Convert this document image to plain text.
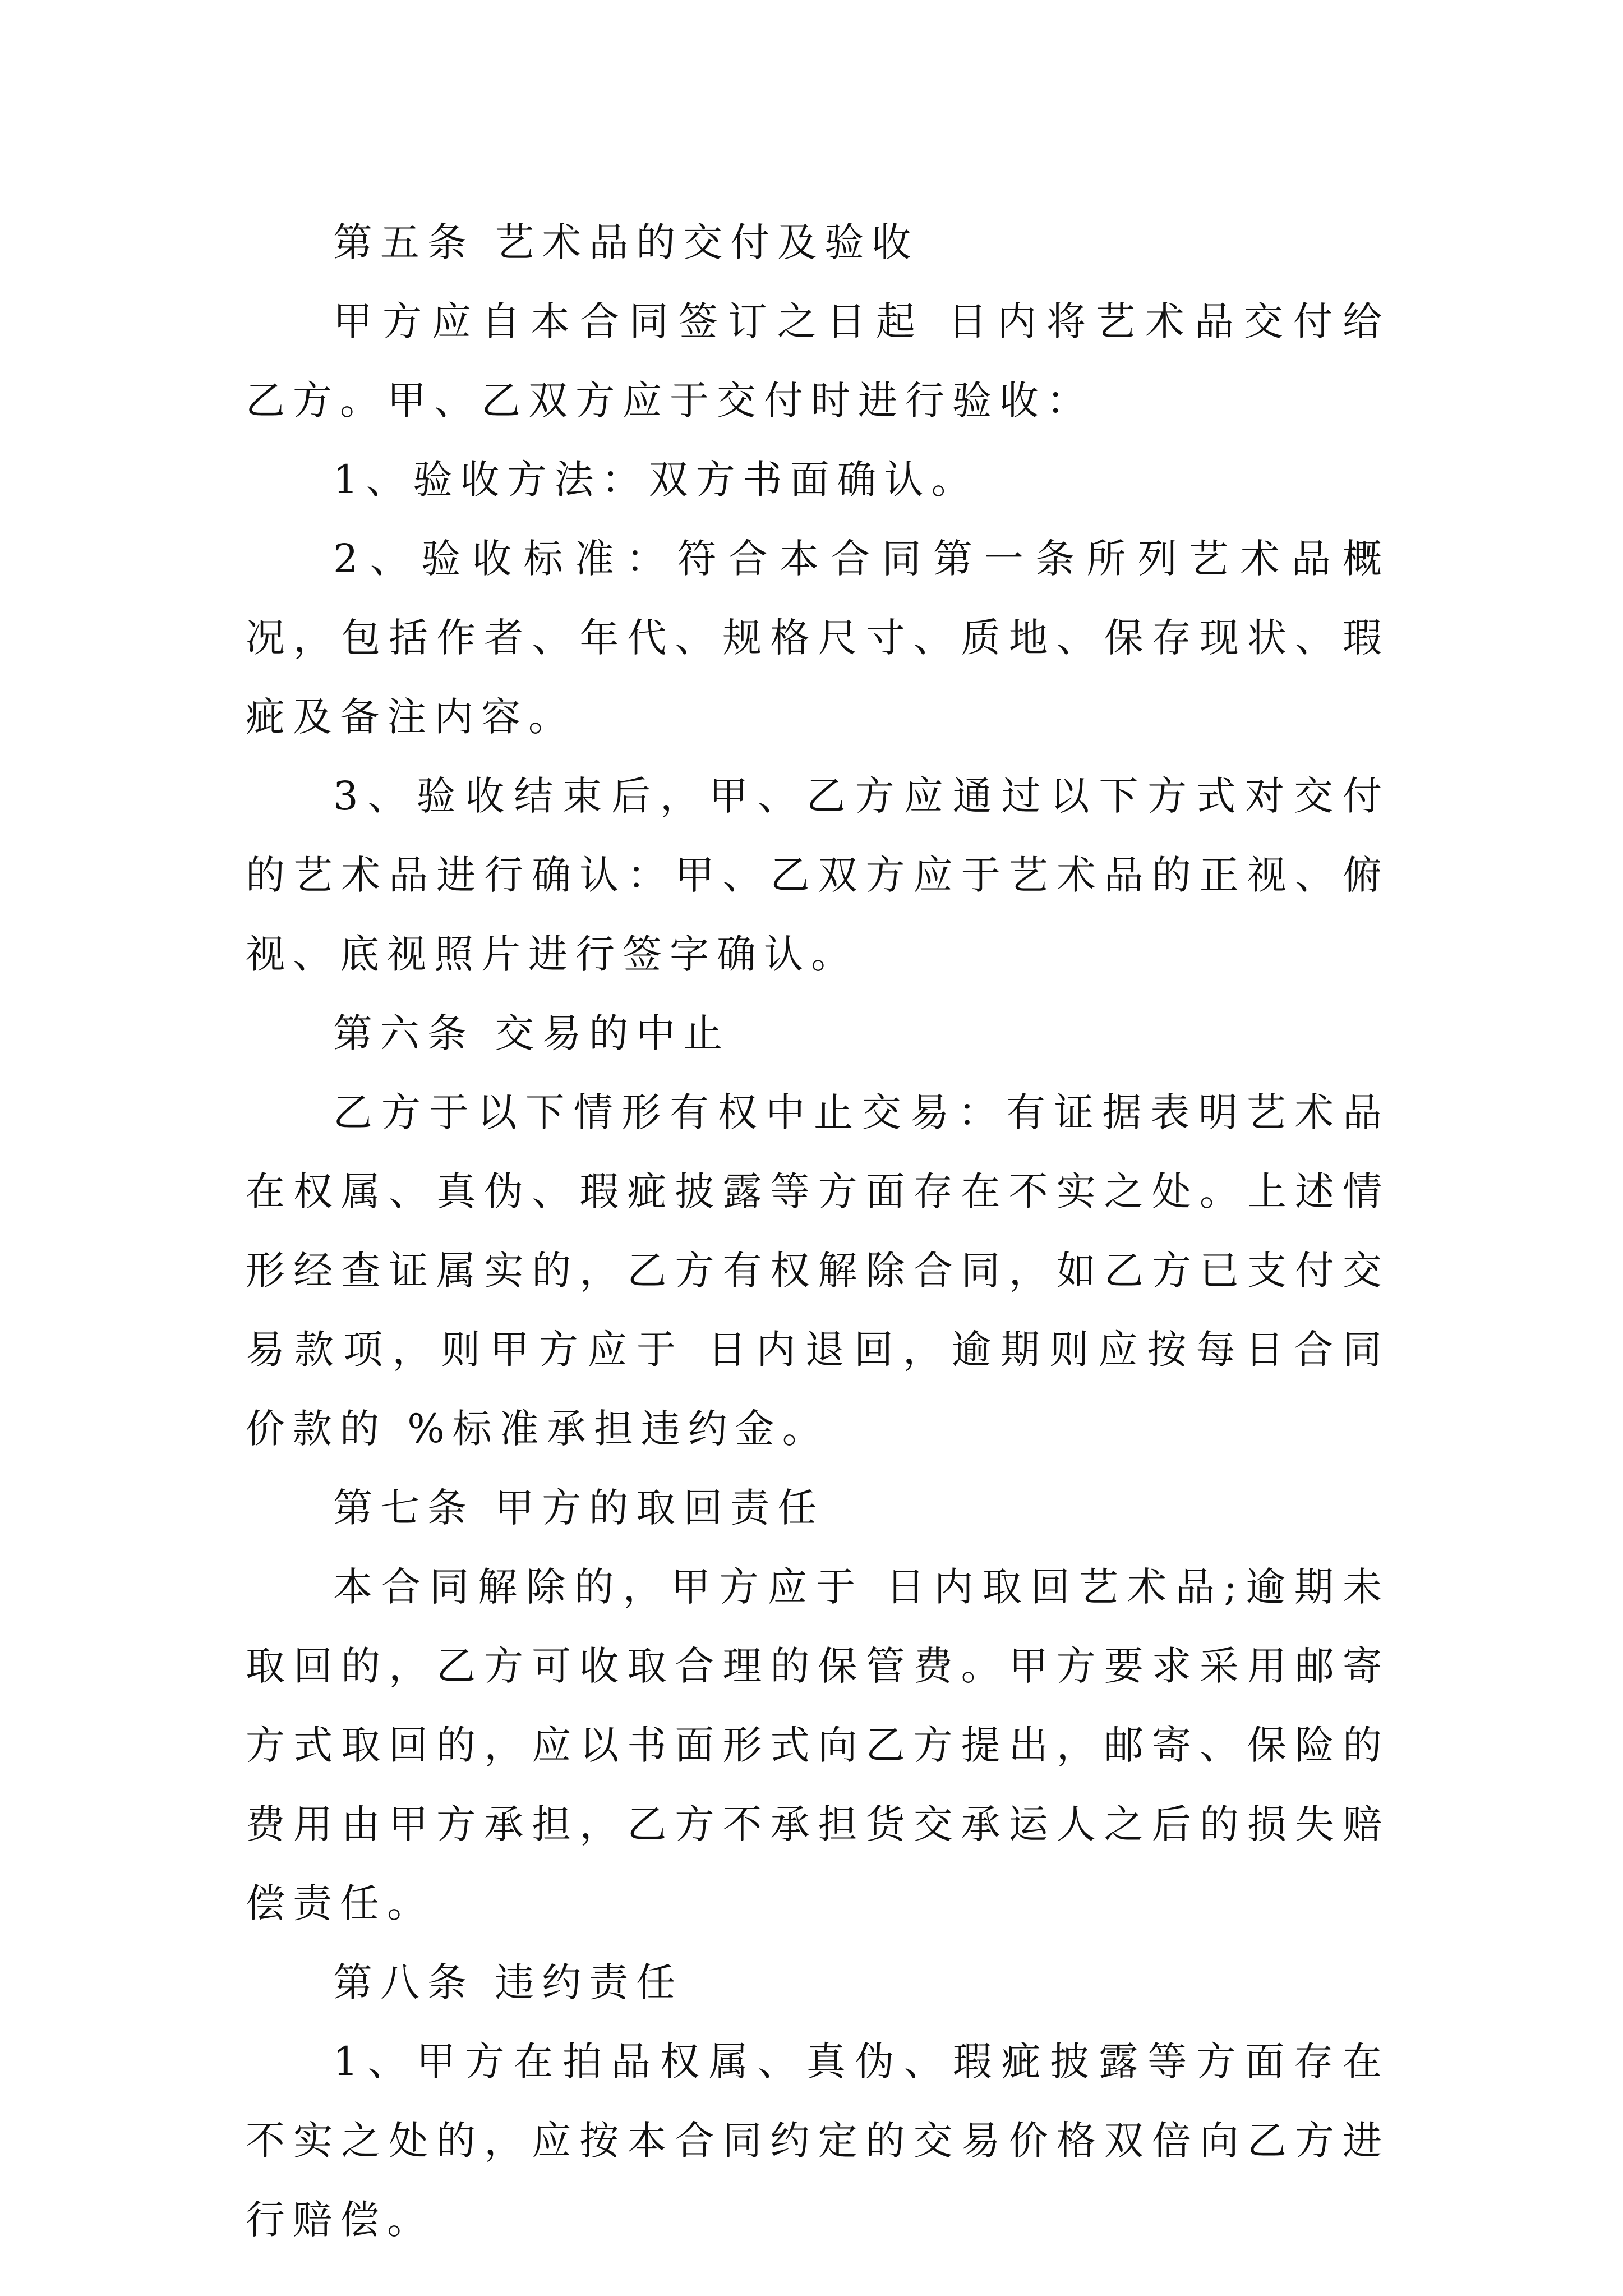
第五条 艺术品的交付及验收

甲方应自本合同签订之日起 日内将艺术品交付给乙方。甲、乙双方应于交付时进行验收：

1、验收方法：双方书面确认。

2、验收标准：符合本合同第一条所列艺术品概况，包括作者、年代、规格尺寸、质地、保存现状、瑕疵及备注内容。

3、验收结束后，甲、乙方应通过以下方式对交付的艺术品进行确认：甲、乙双方应于艺术品的正视、俯视、底视照片进行签字确认。

第六条 交易的中止

乙方于以下情形有权中止交易：有证据表明艺术品在权属、真伪、瑕疵披露等方面存在不实之处。上述情形经查证属实的，乙方有权解除合同，如乙方已支付交易款项，则甲方应于 日内退回，逾期则应按每日合同价款的 %标准承担违约金。

第七条 甲方的取回责任

本合同解除的，甲方应于 日内取回艺术品;逾期未取回的，乙方可收取合理的保管费。甲方要求采用邮寄方式取回的，应以书面形式向乙方提出，邮寄、保险的费用由甲方承担，乙方不承担货交承运人之后的损失赔偿责任。

第八条 违约责任

1、甲方在拍品权属、真伪、瑕疵披露等方面存在不实之处的，应按本合同约定的交易价格双倍向乙方进行赔偿。
